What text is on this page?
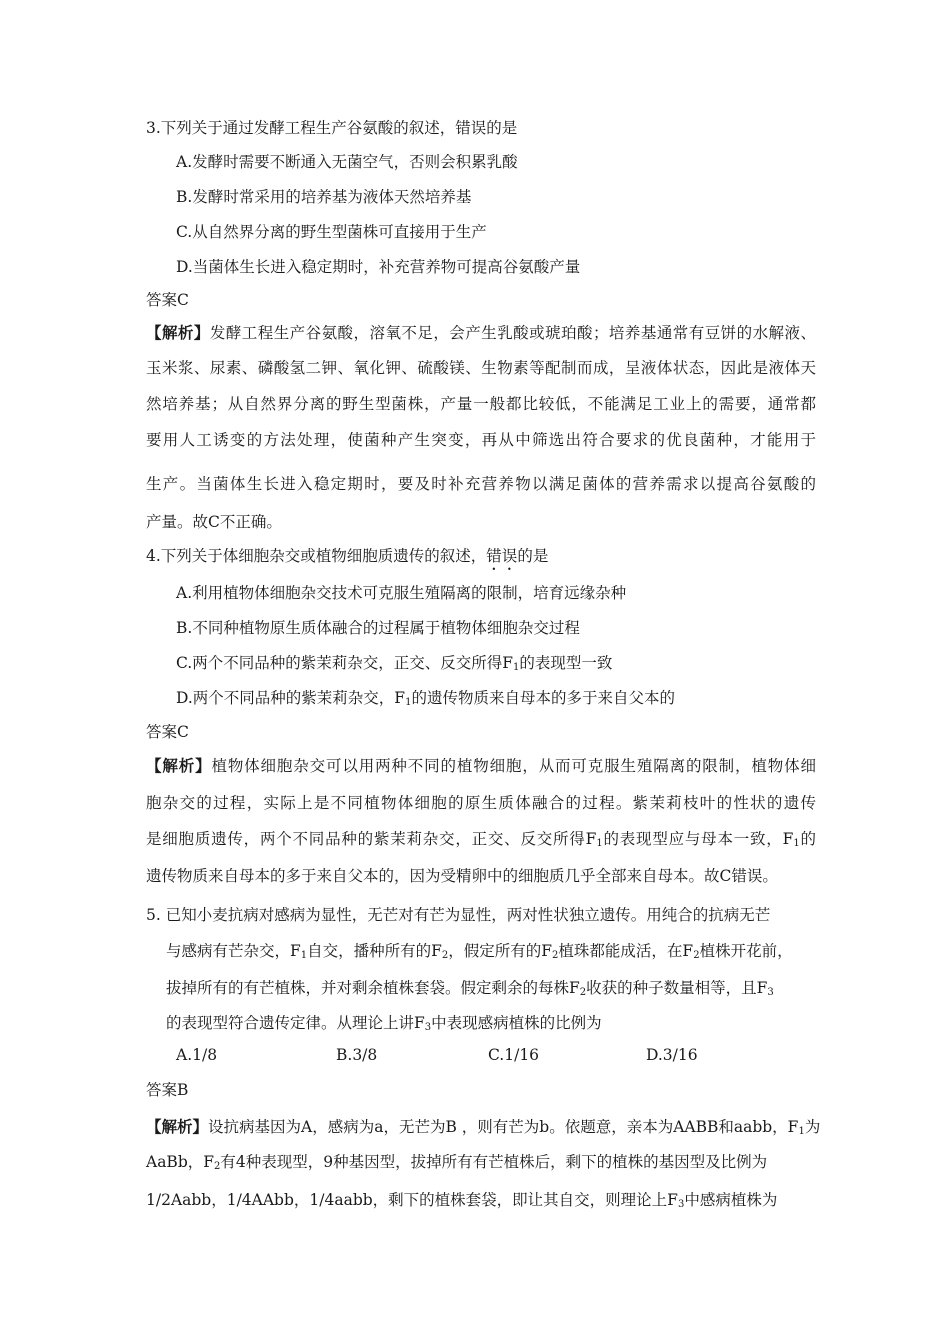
3.下列关于通过发酵工程生产谷氨酸的叙述，错误的是
A.发酵时需要不断通入无菌空气，否则会积累乳酸
B.发酵时常采用的培养基为液体天然培养基
C.从自然界分离的野生型菌株可直接用于生产
D.当菌体生长进入稳定期时，补充营养物可提高谷氨酸产量
答案C
【解析】发酵工程生产谷氨酸，溶氧不足，会产生乳酸或琥珀酸；培养基通常有豆饼的水解液、
玉米浆、尿素、磷酸氢二钾、氧化钾、硫酸镁、生物素等配制而成，呈液体状态，因此是液体天
然培养基；从自然界分离的野生型菌株，产量一般都比较低，不能满足工业上的需要，通常都
要用人工诱变的方法处理，使菌种产生突变，再从中筛选出符合要求的优良菌种，才能用于
生产。当菌体生长进入稳定期时，要及时补充营养物以满足菌体的营养需求以提高谷氨酸的
产量。故C不正确。
4.下列关于体细胞杂交或植物细胞质遗传的叙述，错误的是
A.利用植物体细胞杂交技术可克服生殖隔离的限制，培育远缘杂种
B.不同种植物原生质体融合的过程属于植物体细胞杂交过程
C.两个不同品种的紫茉莉杂交，正交、反交所得$F_1$的表现型一致
D.两个不同品种的紫茉莉杂交，$F_1$的遗传物质来自母本的多于来自父本的
答案C
【解析】植物体细胞杂交可以用两种不同的植物细胞，从而可克服生殖隔离的限制，植物体细
胞杂交的过程，实际上是不同植物体细胞的原生质体融合的过程。紫茉莉枝叶的性状的遗传
是细胞质遗传，两个不同品种的紫茉莉杂交，正交、反交所得$F_1$的表现型应与母本一致，$F_1$的
遗传物质来自母本的多于来自父本的，因为受精卵中的细胞质几乎全部来自母本。故C错误。
5. 已知小麦抗病对感病为显性，无芒对有芒为显性，两对性状独立遗传。用纯合的抗病无芒
与感病有芒杂交，$F_1$自交，播种所有的$F_2$，假定所有的$F_2$植珠都能成活，在$F_2$植株开花前，
拔掉所有的有芒植株，并对剩余植株套袋。假定剩余的每株$F_2$收获的种子数量相等，且$F_3$
的表现型符合遗传定律。从理论上讲$F_3$中表现感病植株的比例为
A.1/8	B.3/8	C.1/16	D.3/16
答案B
【解析】设抗病基因为A，感病为a，无芒为B ，则有芒为b。依题意，亲本为AABB和aabb，$F_1$为
AaBb，$F_2$有4种表现型，9种基因型，拔掉所有有芒植株后，剩下的植株的基因型及比例为
1/2Aabb，1/4AAbb，1/4aabb，剩下的植株套袋，即让其自交，则理论上$F_3$中感病植株为
